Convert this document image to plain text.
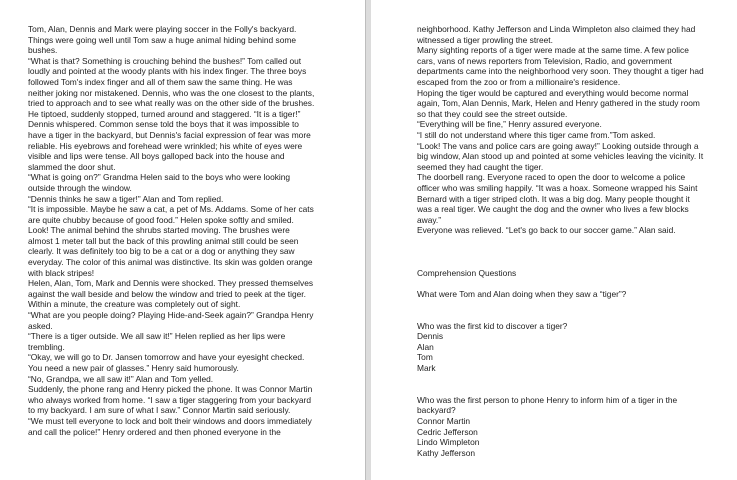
Tom, Alan, Dennis and Mark were playing soccer in the Folly's backyard.
Things were going well until Tom saw a huge animal hiding behind some
bushes.
“What is that? Something is crouching behind the bushes!” Tom called out
loudly and pointed at the woody plants with his index finger. The three boys
followed Tom's index finger and all of them saw the same thing. He was
neither joking nor mistakened. Dennis, who was the one closest to the plants,
tried to approach and to see what really was on the other side of the brushes.
He tiptoed, suddenly stopped, turned around and staggered. “It is a tiger!”
Dennis whispered. Common sense told the boys that it was impossible to
have a tiger in the backyard, but Dennis's facial expression of fear was more
reliable. His eyebrows and forehead were wrinkled; his white of eyes were
visible and lips were tense. All boys galloped back into the house and
slammed the door shut.
“What is going on?” Grandma Helen said to the boys who were looking
outside through the window.
“Dennis thinks he saw a tiger!” Alan and Tom replied.
“It is impossible. Maybe he saw a cat, a pet of Ms. Addams. Some of her cats
are quite chubby because of good food.” Helen spoke softly and smiled.
Look! The animal behind the shrubs started moving. The brushes were
almost 1 meter tall but the back of this prowling animal still could be seen
clearly. It was definitely too big to be a cat or a dog or anything they saw
everyday. The color of this animal was distinctive. Its skin was golden orange
with black stripes!
Helen, Alan, Tom, Mark and Dennis were shocked. They pressed themselves
against the wall beside and below the window and tried to peek at the tiger.
Within a minute, the creature was completely out of sight.
“What are you people doing? Playing Hide-and-Seek again?” Grandpa Henry
asked.
“There is a tiger outside. We all saw it!” Helen replied as her lips were
trembling.
“Okay, we will go to Dr. Jansen tomorrow and have your eyesight checked.
You need a new pair of glasses.” Henry said humorously.
“No, Grandpa, we all saw it!” Alan and Tom yelled.
Suddenly, the phone rang and Henry picked the phone. It was Connor Martin
who always worked from home. “I saw a tiger staggering from your backyard
to my backyard. I am sure of what I saw.” Connor Martin said seriously.
“We must tell everyone to lock and bolt their windows and doors immediately
and call the police!” Henry ordered and then phoned everyone in the
neighborhood. Kathy Jefferson and Linda Wimpleton also claimed they had
witnessed a tiger prowling the street.
Many sighting reports of a tiger were made at the same time. A few police
cars, vans of news reporters from Television, Radio, and government
departments came into the neighborhood very soon. They thought a tiger had
escaped from the zoo or from a millionaire's residence.
Hoping the tiger would be captured and everything would become normal
again, Tom, Alan Dennis, Mark, Helen and Henry gathered in the study room
so that they could see the street outside.
“Everything will be fine,” Henry assured everyone.
“I still do not understand where this tiger came from.”Tom asked.
“Look! The vans and police cars are going away!” Looking outside through a
big window, Alan stood up and pointed at some vehicles leaving the vicinity. It
seemed they had caught the tiger.
The doorbell rang. Everyone raced to open the door to welcome a police
officer who was smiling happily. “It was a hoax. Someone wrapped his Saint
Bernard with a tiger striped cloth. It was a big dog. Many people thought it
was a real tiger. We caught the dog and the owner who lives a few blocks
away.”
Everyone was relieved. “Let's go back to our soccer game.” Alan said.
Comprehension Questions
What were Tom and Alan doing when they saw a “tiger”?
Who was the first kid to discover a tiger?
Dennis
Alan
Tom
Mark
Who was the first person to phone Henry to inform him of a tiger in the
backyard?
Connor Martin
Cedric Jefferson
Lindo Wimpleton
Kathy Jefferson
